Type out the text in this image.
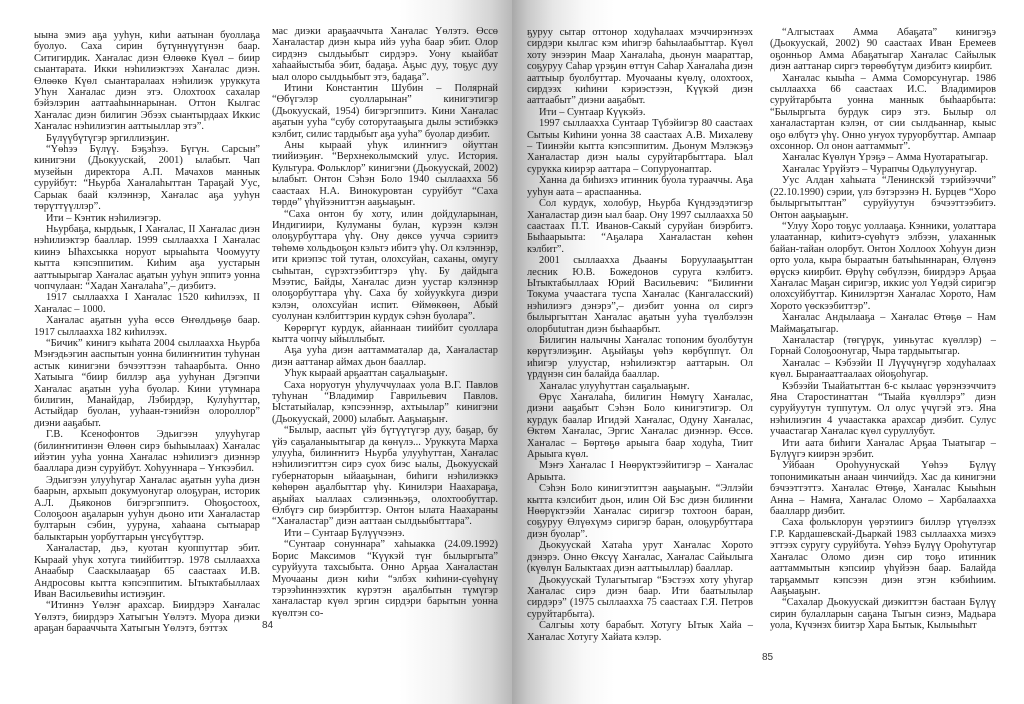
ыына эмиэ аҕа ууһун, киһи аатынан буоллаҕа буолуо. Саха сирин бүтүннүүтүнэн баар. Ситигирдик. Хаҥалас диэн Өлөөкө Күөл – биир сыантарата. Икки нэһилиэктээх Хаҥалас диэн. Өлөөкө Күөл сыантаралаах нэһилиэк уруккута Уһун Хаҥалас диэн этэ. Олохтоох сахалар бэйэлэрин ааттааһыннарынан. Оттон Кылгас Хаҥалас диэн билигин Эбээх сыантырдаах Иккис Хаҥалас нэһилиэгин ааттыыллар этэ”.

Бүлүүбүтүгэр эргиллиэҕиҥ.

“Үөһээ Бүлүү. Бэҕэһээ. Бүгүн. Сарсын” кинигэни (Дьокуускай, 2001) ылабыт. Чап музейын директора А.П. Мачахов маннык суруйбут: “Ньурба Хаҥалаһыттан Тараҕай Уус, Сарыак баай кэлэннэр, Хаҥалас аҕа ууһун төрүттүүллэр”.

Ити – Кэнтик нэһилиэгэр.

Ньурбаҕа, кырдьык, I Хаҥалас, II Хаҥалас диэн нэһилиэктэр бааллар. 1999 сыллаахха I Хаҥалас киинэ Ыһахсыкка норуот ырыаһыта Чоомууту кытта кэпсэппитим. Киһим аҕа уустарын ааттыырыгар Хаҥалас аҕатын ууһун эппитэ уонна чопчулаан: “Хадан Хаҥалаһа”,– диэбитэ.

1917 сыллаахха I Хаҥалас 1520 киһилээх, II Хаҥалас – 1000.

Хаҥалас аҕатын ууһа өссө Өҥөлдьөҕө баар. 1917 сыллаахха 182 киһилээх.

“Бичик” кинигэ кыһата 2004 сыллаахха Ньурба Мэҥэдьэгин ааспытын уонна билиҥҥитин туһунан астык кинигэни бэчээттээн таһаарбыта. Онно Хатыыга “биир биллэр аҕа ууһунан Дэгэпчи Хаҥалас аҕатын ууһа буолар. Кини утумнара билигин, Манайдар, Лэбирдэр, Кулуһуттар, Астыйдар буолан, ууһаан-тэнийэн олороллор” диэни ааҕабыт.

Г.В. Ксенофонтов Эдьигээн улууһугар (билиҥҥитинэн Өлөөн сирэ быһыылаах) Хаҥалас ийэтин ууһа уонна Хаҥалас нэһилиэгэ диэннэр баалларa диэн суруйбут. Хоһууннара – Үҥкээбил.

Эдьигээн улууһугар Хаҥалас аҕатын ууһа диэн баарын, архыып докумуонугар олоҕуран, историк А.Л. Дьяконов бигэргэппитэ. Оһоҕостоох, Солоҕоон аҕаларын ууһун дьоно ити Хаҥаластар бултарын сэбин, ууруна, хаһаана сытыарар балыктарын уорбуттарын үҥсүбүттэр.

Хаҥаластар, дьэ, куотан куоппуттар эбит. Кыраай уһук хотугa тиийбиттэр. 1978 сыллаахха Анаабыр Сааскылааҕар 65 саастаах И.В. Андросовы кытта кэпсэппитим. Ытыктабыллаах Иван Васильевиһы истиэҕиҥ.

“Итиннэ Үөлэҥ арахсар. Биирдэрэ Хаҥалас Үөлэтэ, биирдэрэ Хатыгын Үөлэтэ. Муора диэки араҕан барааччыта Хатыгын Үөлэтэ, бэттэх

мас диэки араҕааччыта Хаҥалас Үөлэтэ. Өссө Хаҥаластар диэн кыра ийэ ууһа баар эбит. Олор сирдэнэ сылдьыбыт сирдэрэ. Уону кыайбат хаһаайыстыба эбит, бадаҕа. Аҕыс дуу, тоҕус дуу ыал олоро сылдьыбыт этэ, бадаҕа”.

Итини Константин Шубин – Полярнай “Өбүгэлэр суолларынан” кинигэтигэр (Дьокуускай, 1954) бигэргэппитэ. Кини Хаҥалас аҕатын ууһа “субу соторутааҕыга дылы эстибэккэ кэлбит, силис тардыбыт аҕа ууһа” буолар диэбит.

Аны кыраай уһук илиҥҥигэ ойуттан тиийиэҕиҥ. “Верхнеколымский улус. История. Культура. Фольклор” кинигэни (Дьокуускай, 2002) ылабыт. Онтон Сэһэн Боло 1940 сыллаахха 56 саастаах Н.А. Винокуровтан суруйбут “Саха төрдө” үһүйээниттэн ааҕыаҕыҥ.

“Саха онтон бу хоту, илин дойдуларынан, Индигиири, Кулуманы булан, күрээн кэлэн олоҕурбуттара үһү. Ону дөксө ууччa сэриитэ төһөмө хольдьоҕон кэльтэ ибитэ үһү. Ол кэлэннэр, ити криэпэс той тутан, олохсуйан, саханы, омугу сыһытан, сүрэхтээбиттэрэ үһү. Бу дайдыга Мээтис, Байды, Хаҥалас диэн уустар кэлэннэр олоҕорбуттара үһү. Саха бу хойуукkуга диэри кэлэн, олохсуйан испит. Өймөкөөн, Абый суолунан кэлбиттэрин курдук сэһэн буолара”.

Көрөргүт курдук, айаннаан тиийбит суоллара кытта чопчу ыйыллыбыт.

Аҕа ууһа диэн ааттамматалар да, Хаҥаластар диэн ааттанар аймах дьон бааллар.

Уһук кыраай арҕааттан саҕалыаҕыҥ.

Саха норуотун уһулуччулаах уола В.Г. Павлов туһунан “Владимир Гаврильевич Павлов. Ыстатыйалар, кэпсээннэр, ахтыылар” кинигэни (Дьокуускай, 2000) ылабыт. Ааҕыаҕыҥ.

“Былыр, ааспыт үйэ бүтүүтүгэр дуу, баҕар, бу үйэ саҕаланыытыгар да көнүлэ... Уруккута Марха улууһа, билиҥҥитэ Ньурба улууһуттан, Хаҥалас нэһилиэгиттэн сирэ суох биэс ыалы, Дьокуускай губернаторын ыйааҕынан, биһиги нэһилиэккэ көһөрөн аҕалбыттар үһү. Кинилэри Наахараҕа, аҕыйах ыаллаах сэлиэнньэҕэ, олохтообуттар. Өлбүгэ сир биэрбиттэр. Онтон ылата Наахараны “Хаҥаластар” диэн ааттаан сылдьыбыттара”.

Ити – Сунтаар Бүлүүчээнэ.

“Сунтаар сонуннара” хаһыакка (24.09.1992) Борис Максимов “Күүкэй түҥ былыргыта” суруйуута тахсыбыта. Онно Арҕаа Хаҥаластан Муочааны диэн киһи “элбэх киһини-сүөһүнү тэрээһиннээхтик күрэтэн аҕалбытын түмүгэр хаҥаластар күөл эргин сирдэри барытын уонна күөлтэн со-

84

ҕуруу сытар оттонор ходуһалаах мэччирэҥнээх сирдэри кылгас кэм иһигэр баһылаабыттар. Күөл хоту энээрин Маар Хаҥалаһа, дьонун мааpаттар, соҕуруу Саһар үрэҕин өттүн Саһар Хаҥалаһа диэн ааттыыр буолбуттар. Муочааны күөлү, олохтоох, сирдээх киһини кэриэстээн, Күүкэй диэн ааттаабыт” диэни ааҕабыт.

Ити – Сунтаар Күүкэйэ.

1997 сыллаахха Сунтаар Түбэйигэр 80 саастаах Сытыы Киһини уонна 38 саастаах А.В. Михалеву – Тиинэйи кытта кэпсэппитим. Дьонум Мэлэкэҕэ Хаҥаластар диэн ыалы суруйтарбыттара. Ыал сурукка киирэр ааттара – Сопуруонаптар.

Ханна да биһиэхэ итинник буола турааччы. Аҕа ууһун аата – араспаанньа.

Сол курдук, холобур, Ньурба Күндээдэтигэр Хаҥаластар диэн ыал баар. Ону 1997 сыллаахха 50 саастаах П.Т. Иванов-Сакый суруйан биэрбитэ. Быһаарыыта: “Аҕалара Хаҥаластан көһөн кэлбит”.

2001 сыллаахха Дьааҥы Боруулааҕыттан лесник Ю.В. Божедонов суруга кэлбитэ. Ытыктабыллаах Юрий Васильевич: “Билиҥҥи Токума учаастага туспа Хаҥалас (Кангаласский) нэһилиэгэ дэнэрэ”,– диэбит уонна ол сиргэ былыргыттан Хаҥалас аҕатын ууһа түөлбэлээн олорбututтан диэн быһаарбыт.

Билигин налычны Хаҥалас топоним буолбутун көрүтэлиэҕиҥ. Аҕыйаҕы үөһэ көрбүппүт. Ол иһигэр улуустар, нэһилиэктэр ааттарын. Ол үрдүнэн син балайда бааллар.

Хаҥалас улууһуттан саҕалыаҕыҥ.

Өрүс Хаҥалаһа, билигин Нөмүгү Хаҥалас, диэни ааҕабыт Сэһэн Боло кинигэтигэр. Ол курдук баалар Игидэй Хаҥалас, Одуну Хаҥалас, Өктөм Хаҥалас, Эргис Хаҥалас диэннэр. Өссө. Хаҥалас – Бөртөҕө арыыга баар ходуһа, Тиит Арыыга күөл.

Мэҥэ Хаҥалас I Нөөрүктээйитигэр – Хаҥалас Арыыта.

Сэһэн Боло кинигэтиттэн ааҕыаҕыҥ. “Эллэйи кытта кэлсибит дьон, илин Ой Бэс диэн билиҥҥи Нөөрүктээйи Хаҥалас сиригэр тохтоон баран, соҕуруу Өлүөхүмэ сиригэр баран, олоҕурбуттара диэн буолар”.

Дьокуускай Хатаһа урут Хаҥалас Хорото дэнэрэ. Онно Өксүү Хаҥалас, Хаҥалас Сайылыга (күөлүн Балыктаах диэн ааттыыллар) бааллар.

Дьокуускай Тулагытыгар “Бэстээх хоту уһугар Хаҥалас сирэ диэн баар. Ити баатылылар сирдэрэ” (1975 сыллаахха 75 саастаах Г.Я. Петров суруйтарбыта).

Салгыы хоту барабыт. Хотугу Ытык Хайа – Хаҥалас Хотугу Хайата кэлэр.

“Алгыстаах Амма Абаҕата” кинигэҕэ (Дьокуускай, 2002) 90 саастаах Иван Еремеев оҕонньор Амма Абаҕатыгар Хаҥалас Сайылык диэн ааттанар сиргэ төрөөбүтүм диэбитэ киирбит.

Хаҥалас кыыһа – Амма Соморсунугар. 1986 сыллаахха 66 саастаах И.С. Владимиров суруйтарбыта уонна маннык быһаарбыта: “Былыргыта бурдук сирэ этэ. Былыр ол хаҥаластартан кэлэн, от сии сылдьаннар, кыыс оҕо өлбүтэ үһү. Онно уҥуох туруорбуттар. Ампаар охсоннор. Ол онон ааттаммыт”.

Хаҥалас Күөлүн Үрэҕэ – Амма Нуотаратыгар.

Хаҥалас Үрүйэтэ – Чурапчы Одьулуунугар.

Уус Алдан хаһыата “Ленинскэй тэрийээччи” (22.10.1990) сэрии, үлэ бэтэрээнэ Н. Бурцев “Хоро былыргытыттан” суруйуутун бэчээттээбитэ. Онтон ааҕыаҕыҥ.

“Улуу Хоро тоҕус уоллааҕа. Кэнники, уолаттара улаатаннар, киһитэ-сүөһүтэ элбээн, улаханнык байан-тайан олорбут. Онтон Холлоох Хоһуун диэн орто уола, кыра быраатын батыһыннаран, Өлүөнэ өрүскэ киирбит. Өрүһү сөбүлээн, биирдэрэ Арҕаа Хаҥалас Маҕан сиригэр, иккис уол Үөдэй сиригэр олохсуйбуттар. Кинилэртэн Хаҥалас Хорото, Нам Хорото үөскээбиттэр”.

Хаҥалас Андылааҕа – Хаҥалас Өтөҕө – Нам Маймаҕатыгар.

Хаҥаластар (төгүрүк, уиньутас күөллэр) – Горнай Солоҕоонугар, Чыра тардыытыгар.

Хаҥалас – Кэбээйи II Лүүчүнүгэр ходуһалаах күөл. Быраҥааттаалаах ойоҕоһугар.

Кэбээйи Тыайатыттан 6-с кылаас үөрэнээччитэ Яна Старостинаттан “Тыайа күөллэрэ” диэн суруйуутун туппутум. Ол олус үчүгэй этэ. Яна нэһилиэгин 4 учаастакка арахсар диэбит. Сулус учаастагар Хаҥалас күөл суруллубут.

Ити аата биһиги Хаҥалас Арҕаа Тыатыгар – Бүлүүгэ киирэн эрэбит.

Уйбаан Ороһуунускай Үөһээ Бүлүү топонимикатын анаан чинчийдэ. Хас да кинигэни бэчээттэттэ. Хаҥалас Өтөҕө, Хаҥалас Кыыһын Анна – Намҥа, Хаҥалас Оломо – Харбалаахха баалларр диэбит.

Саха фольклорун үөрэтиигэ биллэр үтүөлээх Г.Р. Кардашевскай-Дьаркай 1983 сыллаахха миэхэ эттээх суругу суруйбута. Үөһээ Бүлүү Ороһутугар Хаҥалас Оломо диэн сир тоҕо итинник ааттаммытын кэпсиир үһүйээн баар. Балайда тарҕаммыт кэпсээн диэн этэн кэбиһиим. Ааҕыаҕыҥ.

“Сахалар Дьокуускай диэкиттэн бастаан Бүлүү сирин булалларын саҕана Тыгын сиэнэ, Мадьара уола, Күчэнэх биитэр Хара Бытык, Кылыыһыт

85
